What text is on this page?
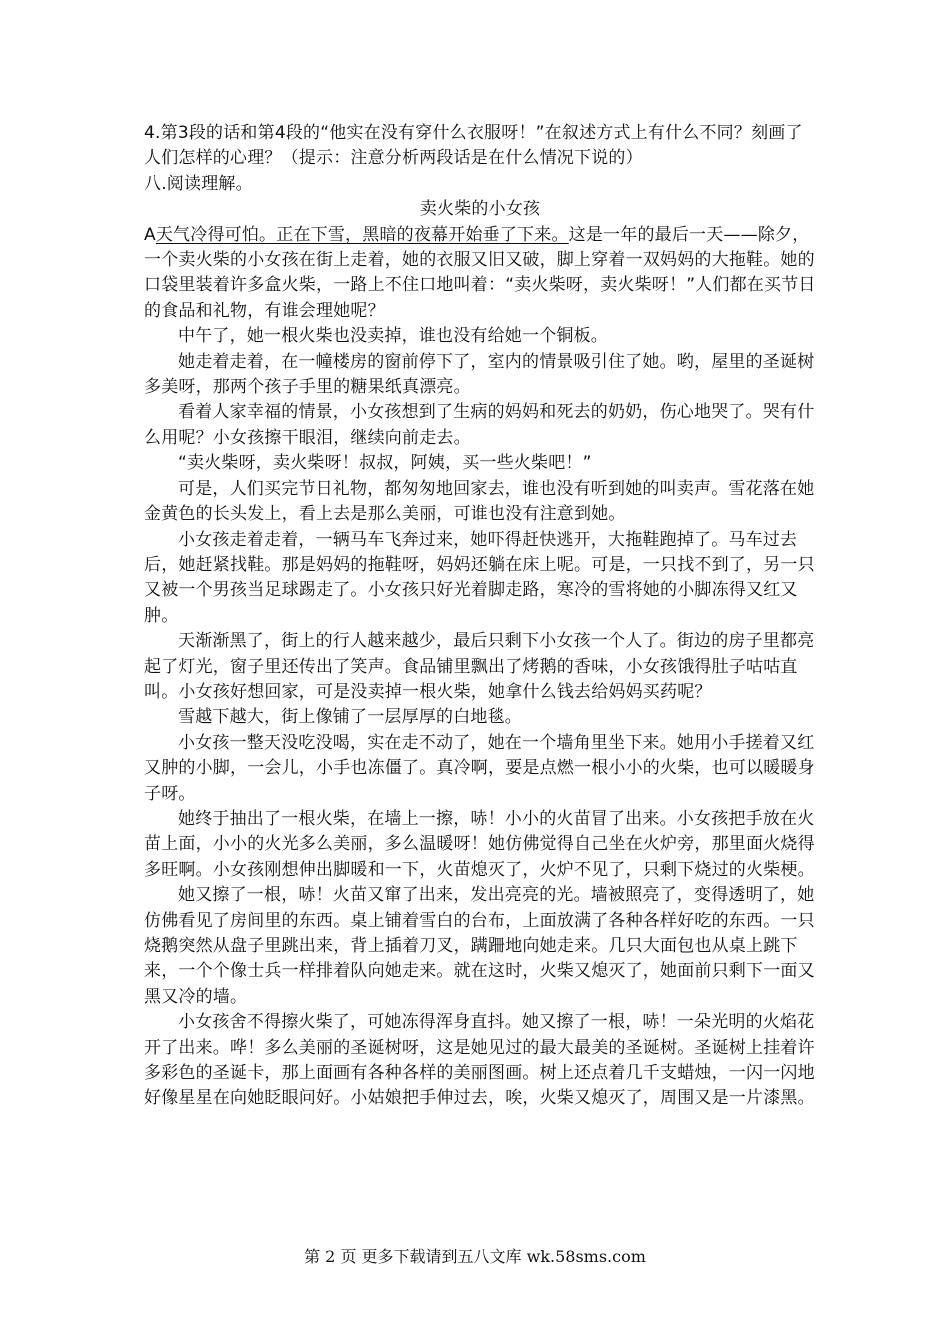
4.第3段的话和第4段的“他实在没有穿什么衣服呀！”在叙述方式上有什么不同？刻画了人们怎样的心理？（提示：注意分析两段话是在什么情况下说的）

八.阅读理解。

卖火柴的小女孩

A天气冷得可怕。正在下雪，黑暗的夜幕开始垂了下来。这是一年的最后一天——除夕，一个卖火柴的小女孩在街上走着，她的衣服又旧又破，脚上穿着一双妈妈的大拖鞋。她的口袋里装着许多盒火柴，一路上不住口地叫着：“卖火柴呀，卖火柴呀！”人们都在买节日的食品和礼物，有谁会理她呢？

中午了，她一根火柴也没卖掉，谁也没有给她一个铜板。

她走着走着，在一幢楼房的窗前停下了，室内的情景吸引住了她。哟，屋里的圣诞树多美呀，那两个孩子手里的糖果纸真漂亮。

看着人家幸福的情景，小女孩想到了生病的妈妈和死去的奶奶，伤心地哭了。哭有什么用呢？小女孩擦干眼泪，继续向前走去。

“卖火柴呀，卖火柴呀！叔叔，阿姨，买一些火柴吧！”

可是，人们买完节日礼物，都匆匆地回家去，谁也没有听到她的叫卖声。雪花落在她金黄色的长头发上，看上去是那么美丽，可谁也没有注意到她。

小女孩走着走着，一辆马车飞奔过来，她吓得赶快逃开，大拖鞋跑掉了。马车过去后，她赶紧找鞋。那是妈妈的拖鞋呀，妈妈还躺在床上呢。可是，一只找不到了，另一只又被一个男孩当足球踢走了。小女孩只好光着脚走路，寒冷的雪将她的小脚冻得又红又肿。

天渐渐黑了，街上的行人越来越少，最后只剩下小女孩一个人了。街边的房子里都亮起了灯光，窗子里还传出了笑声。食品铺里飘出了烤鹅的香味，小女孩饿得肚子咕咕直叫。小女孩好想回家，可是没卖掉一根火柴，她拿什么钱去给妈妈买药呢？

雪越下越大，街上像铺了一层厚厚的白地毯。

小女孩一整天没吃没喝，实在走不动了，她在一个墙角里坐下来。她用小手搓着又红又肿的小脚，一会儿，小手也冻僵了。真冷啊，要是点燃一根小小的火柴，也可以暖暖身子呀。

她终于抽出了一根火柴，在墙上一擦，哧！小小的火苗冒了出来。小女孩把手放在火苗上面，小小的火光多么美丽，多么温暖呀！她仿佛觉得自己坐在火炉旁，那里面火烧得多旺啊。小女孩刚想伸出脚暖和一下，火苗熄灭了，火炉不见了，只剩下烧过的火柴梗。

她又擦了一根，哧！火苗又窜了出来，发出亮亮的光。墙被照亮了，变得透明了，她仿佛看见了房间里的东西。桌上铺着雪白的台布，上面放满了各种各样好吃的东西。一只烧鹅突然从盘子里跳出来，背上插着刀叉，蹒跚地向她走来。几只大面包也从桌上跳下来，一个个像士兵一样排着队向她走来。就在这时，火柴又熄灭了，她面前只剩下一面又黑又冷的墙。

小女孩舍不得擦火柴了，可她冻得浑身直抖。她又擦了一根，哧！一朵光明的火焰花开了出来。哗！多么美丽的圣诞树呀，这是她见过的最大最美的圣诞树。圣诞树上挂着许多彩色的圣诞卡，那上面画有各种各样的美丽图画。树上还点着几千支蜡烛，一闪一闪地好像星星在向她眨眼问好。小姑娘把手伸过去，唉，火柴又熄灭了，周围又是一片漆黑。

第 2 页 更多下载请到五八文库 wk.58sms.com
